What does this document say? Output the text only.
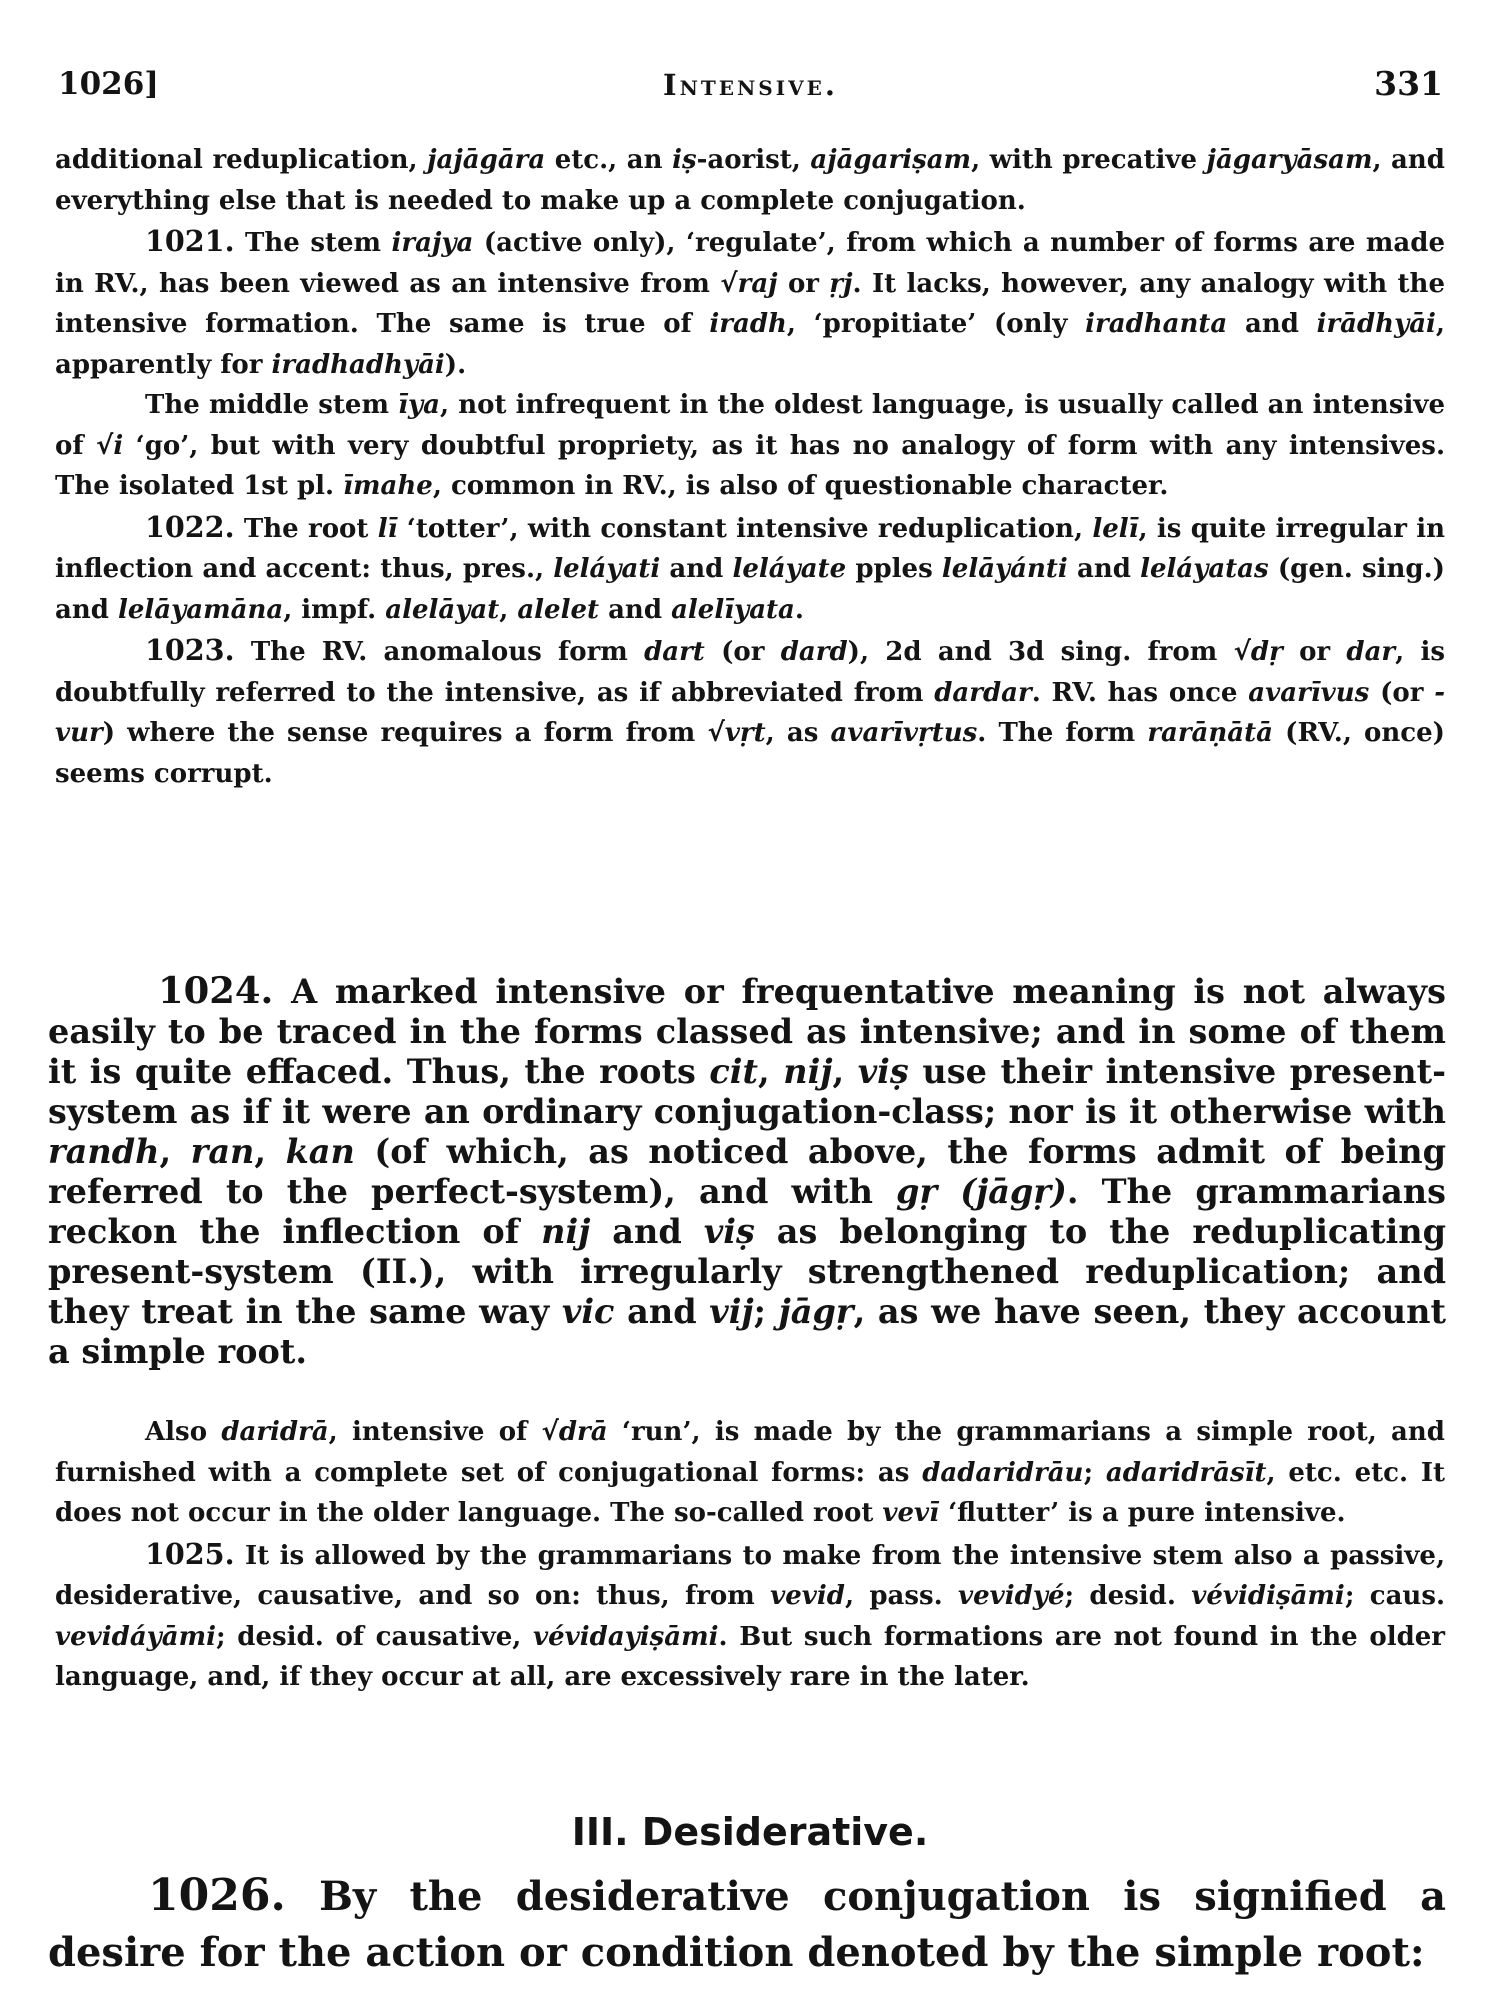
1026]	Intensive.	331

additional reduplication, jajāgāra etc., an iṣ-aorist, ajāgariṣam, with precative jāgaryāsam, and everything else that is needed to make up a complete conjugation.

1021. The stem irajya (active only), ‘regulate’, from which a number of forms are made in RV., has been viewed as an intensive from √raj or ṛj. It lacks, however, any analogy with the intensive formation. The same is true of iradh, ‘propitiate’ (only iradhanta and irādhyāi, apparently for iradhadhyāi).

The middle stem īya, not infrequent in the oldest language, is usually called an intensive of √i ‘go’, but with very doubtful propriety, as it has no analogy of form with any intensives. The isolated 1st pl. īmahe, common in RV., is also of questionable character.

1022. The root lī ‘totter’, with constant intensive reduplication, lelī, is quite irregular in inflection and accent: thus, pres., leláyati and leláyate pples lelāyánti and leláyatas (gen. sing.) and lelāyamāna, impf. alelāyat, alelet and alelīyata.

1023. The RV. anomalous form dart (or dard), 2d and 3d sing. from √dṛ or dar, is doubtfully referred to the intensive, as if abbreviated from dardar. RV. has once avarīvus (or -vur) where the sense requires a form from √vṛt, as avarīvṛtus. The form rarāṇātā (RV., once) seems corrupt.

1024. A marked intensive or frequentative meaning is not always easily to be traced in the forms classed as intensive; and in some of them it is quite effaced. Thus, the roots cit, nij, viṣ use their intensive present-system as if it were an ordinary conjugation-class; nor is it otherwise with randh, ran, kan (of which, as noticed above, the forms admit of being referred to the perfect-system), and with gṛ (jāgṛ). The grammarians reckon the inflection of nij and viṣ as belonging to the reduplicating present-system (II.), with irregularly strengthened reduplication; and they treat in the same way vic and vij; jāgṛ, as we have seen, they account a simple root.

Also daridrā, intensive of √drā ‘run’, is made by the grammarians a simple root, and furnished with a complete set of conjugational forms: as dadaridrāu; adaridrāsīt, etc. etc. It does not occur in the older language. The so-called root vevī ‘flutter’ is a pure intensive.

1025. It is allowed by the grammarians to make from the intensive stem also a passive, desiderative, causative, and so on: thus, from vevid, pass. vevidyé; desid. vévidiṣāmi; caus. vevidáyāmi; desid. of causative, vévidayiṣāmi. But such formations are not found in the older language, and, if they occur at all, are excessively rare in the later.

III. Desiderative.

1026. By the desiderative conjugation is signified a desire for the action or condition denoted by the simple root:
